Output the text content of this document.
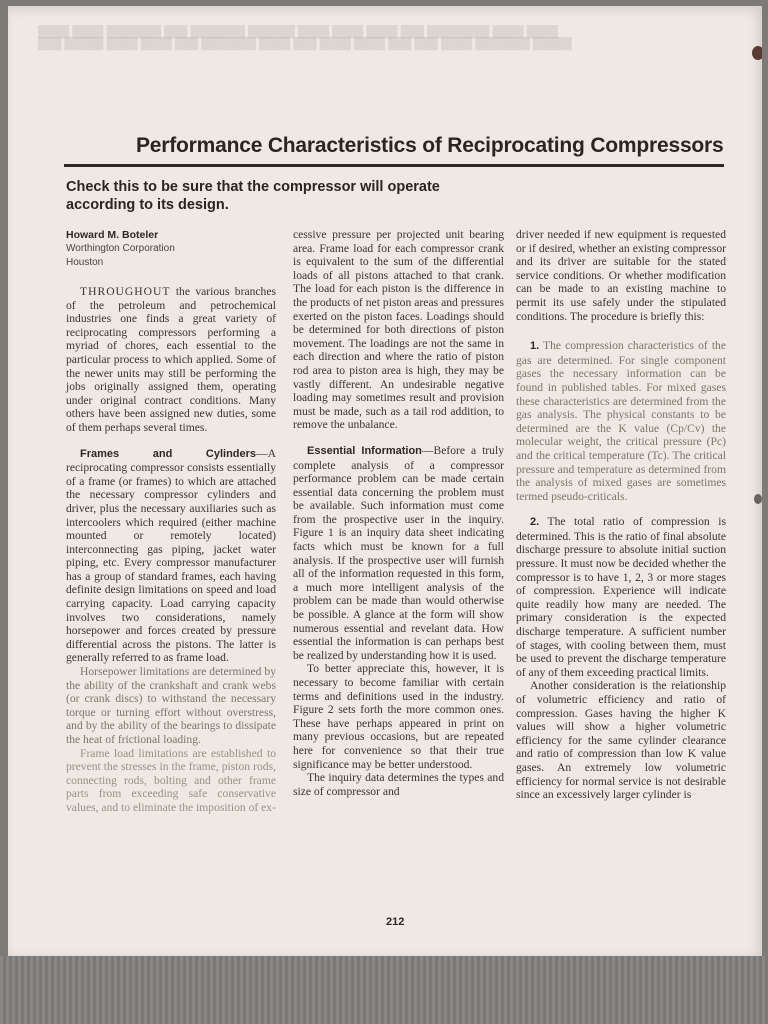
████ ████ ███████ ███ ███████ ██████ ████ ████ ████ ███ ████████ ████ ████
███ █████ ████ ████ ███ ███████ ████ ███ ████ ████ ███ ███ ████ ███████ █████
Performance Characteristics of Reciprocating Compressors
Check this to be sure that the compressor will operate according to its design.
Howard M. Boteler
Worthington Corporation
Houston

THROUGHOUT the various branches of the petroleum and petrochemical industries one finds a great variety of reciprocating compressors performing a myriad of chores, each essential to the particular process to which applied. Some of the newer units may still be performing the jobs originally assigned them, operating under original contract conditions. Many others have been assigned new duties, some of them perhaps several times.

Frames and Cylinders—A reciprocating compressor consists essentially of a frame (or frames) to which are attached the necessary compressor cylinders and driver, plus the necessary auxiliaries such as intercoolers which required (either machine mounted or remotely located) interconnecting gas piping, jacket water piping, etc. Every compressor manufacturer has a group of standard frames, each having definite design limitations on speed and load carrying capacity. Load carrying capacity involves two considerations, namely horsepower and forces created by pressure differential across the pistons. The latter is generally referred to as frame load.

Horsepower limitations are determined by the ability of the crankshaft and crank webs (or crank discs) to withstand the necessary torque or turning effort without overstress, and by the ability of the bearings to dissipate the heat of frictional loading.

Frame load limitations are established to prevent the stresses in the frame, piston rods, connecting rods, bolting and other frame parts from exceeding safe conservative values, and to eliminate the imposition of ex-

cessive pressure per projected unit bearing area. Frame load for each compressor crank is equivalent to the sum of the differential loads of all pistons attached to that crank. The load for each piston is the difference in the products of net piston areas and pressures exerted on the piston faces. Loadings should be determined for both directions of piston movement. The loadings are not the same in each direction and where the ratio of piston rod area to piston area is high, they may be vastly different. An undesirable negative loading may sometimes result and provision must be made, such as a tail rod addition, to remove the unbalance.

Essential Information—Before a truly complete analysis of a compressor performance problem can be made certain essential data concerning the problem must be available. Such information must come from the prospective user in the inquiry. Figure 1 is an inquiry data sheet indicating facts which must be known for a full analysis. If the prospective user will furnish all of the information requested in this form, a much more intelligent analysis of the problem can be made than would otherwise be possible. A glance at the form will show numerous essential and revelant data. How essential the information is can perhaps best be realized by understanding how it is used.

To better appreciate this, however, it is necessary to become familiar with certain terms and definitions used in the industry. Figure 2 sets forth the more common ones. These have perhaps appeared in print on many previous occasions, but are repeated here for convenience so that their true significance may be better understood.

The inquiry data determines the types and size of compressor and

driver needed if new equipment is requested or if desired, whether an existing compressor and its driver are suitable for the stated service conditions. Or whether modification can be made to an existing machine to permit its use safely under the stipulated conditions. The procedure is briefly this:

1. The compression characteristics of the gas are determined. For single component gases the necessary information can be found in published tables. For mixed gases these characteristics are determined from the gas analysis. The physical constants to be determined are the K value (Cp/Cv) the molecular weight, the critical pressure (Pc) and the critical temperature (Tc). The critical pressure and temperature as determined from the analysis of mixed gases are sometimes termed pseudo-criticals.

2. The total ratio of compression is determined. This is the ratio of final absolute discharge pressure to absolute initial suction pressure. It must now be decided whether the compressor is to have 1, 2, 3 or more stages of compression. Experience will indicate quite readily how many are needed. The primary consideration is the expected discharge temperature. A sufficient number of stages, with cooling between them, must be used to prevent the discharge temperature of any of them exceeding practical limits.

Another consideration is the relationship of volumetric efficiency and ratio of compression. Gases having the higher K values will show a higher volumetric efficiency for the same cylinder clearance and ratio of compression than low K value gases. An extremely low volumetric efficiency for normal service is not desirable since an excessively larger cylinder is

212
